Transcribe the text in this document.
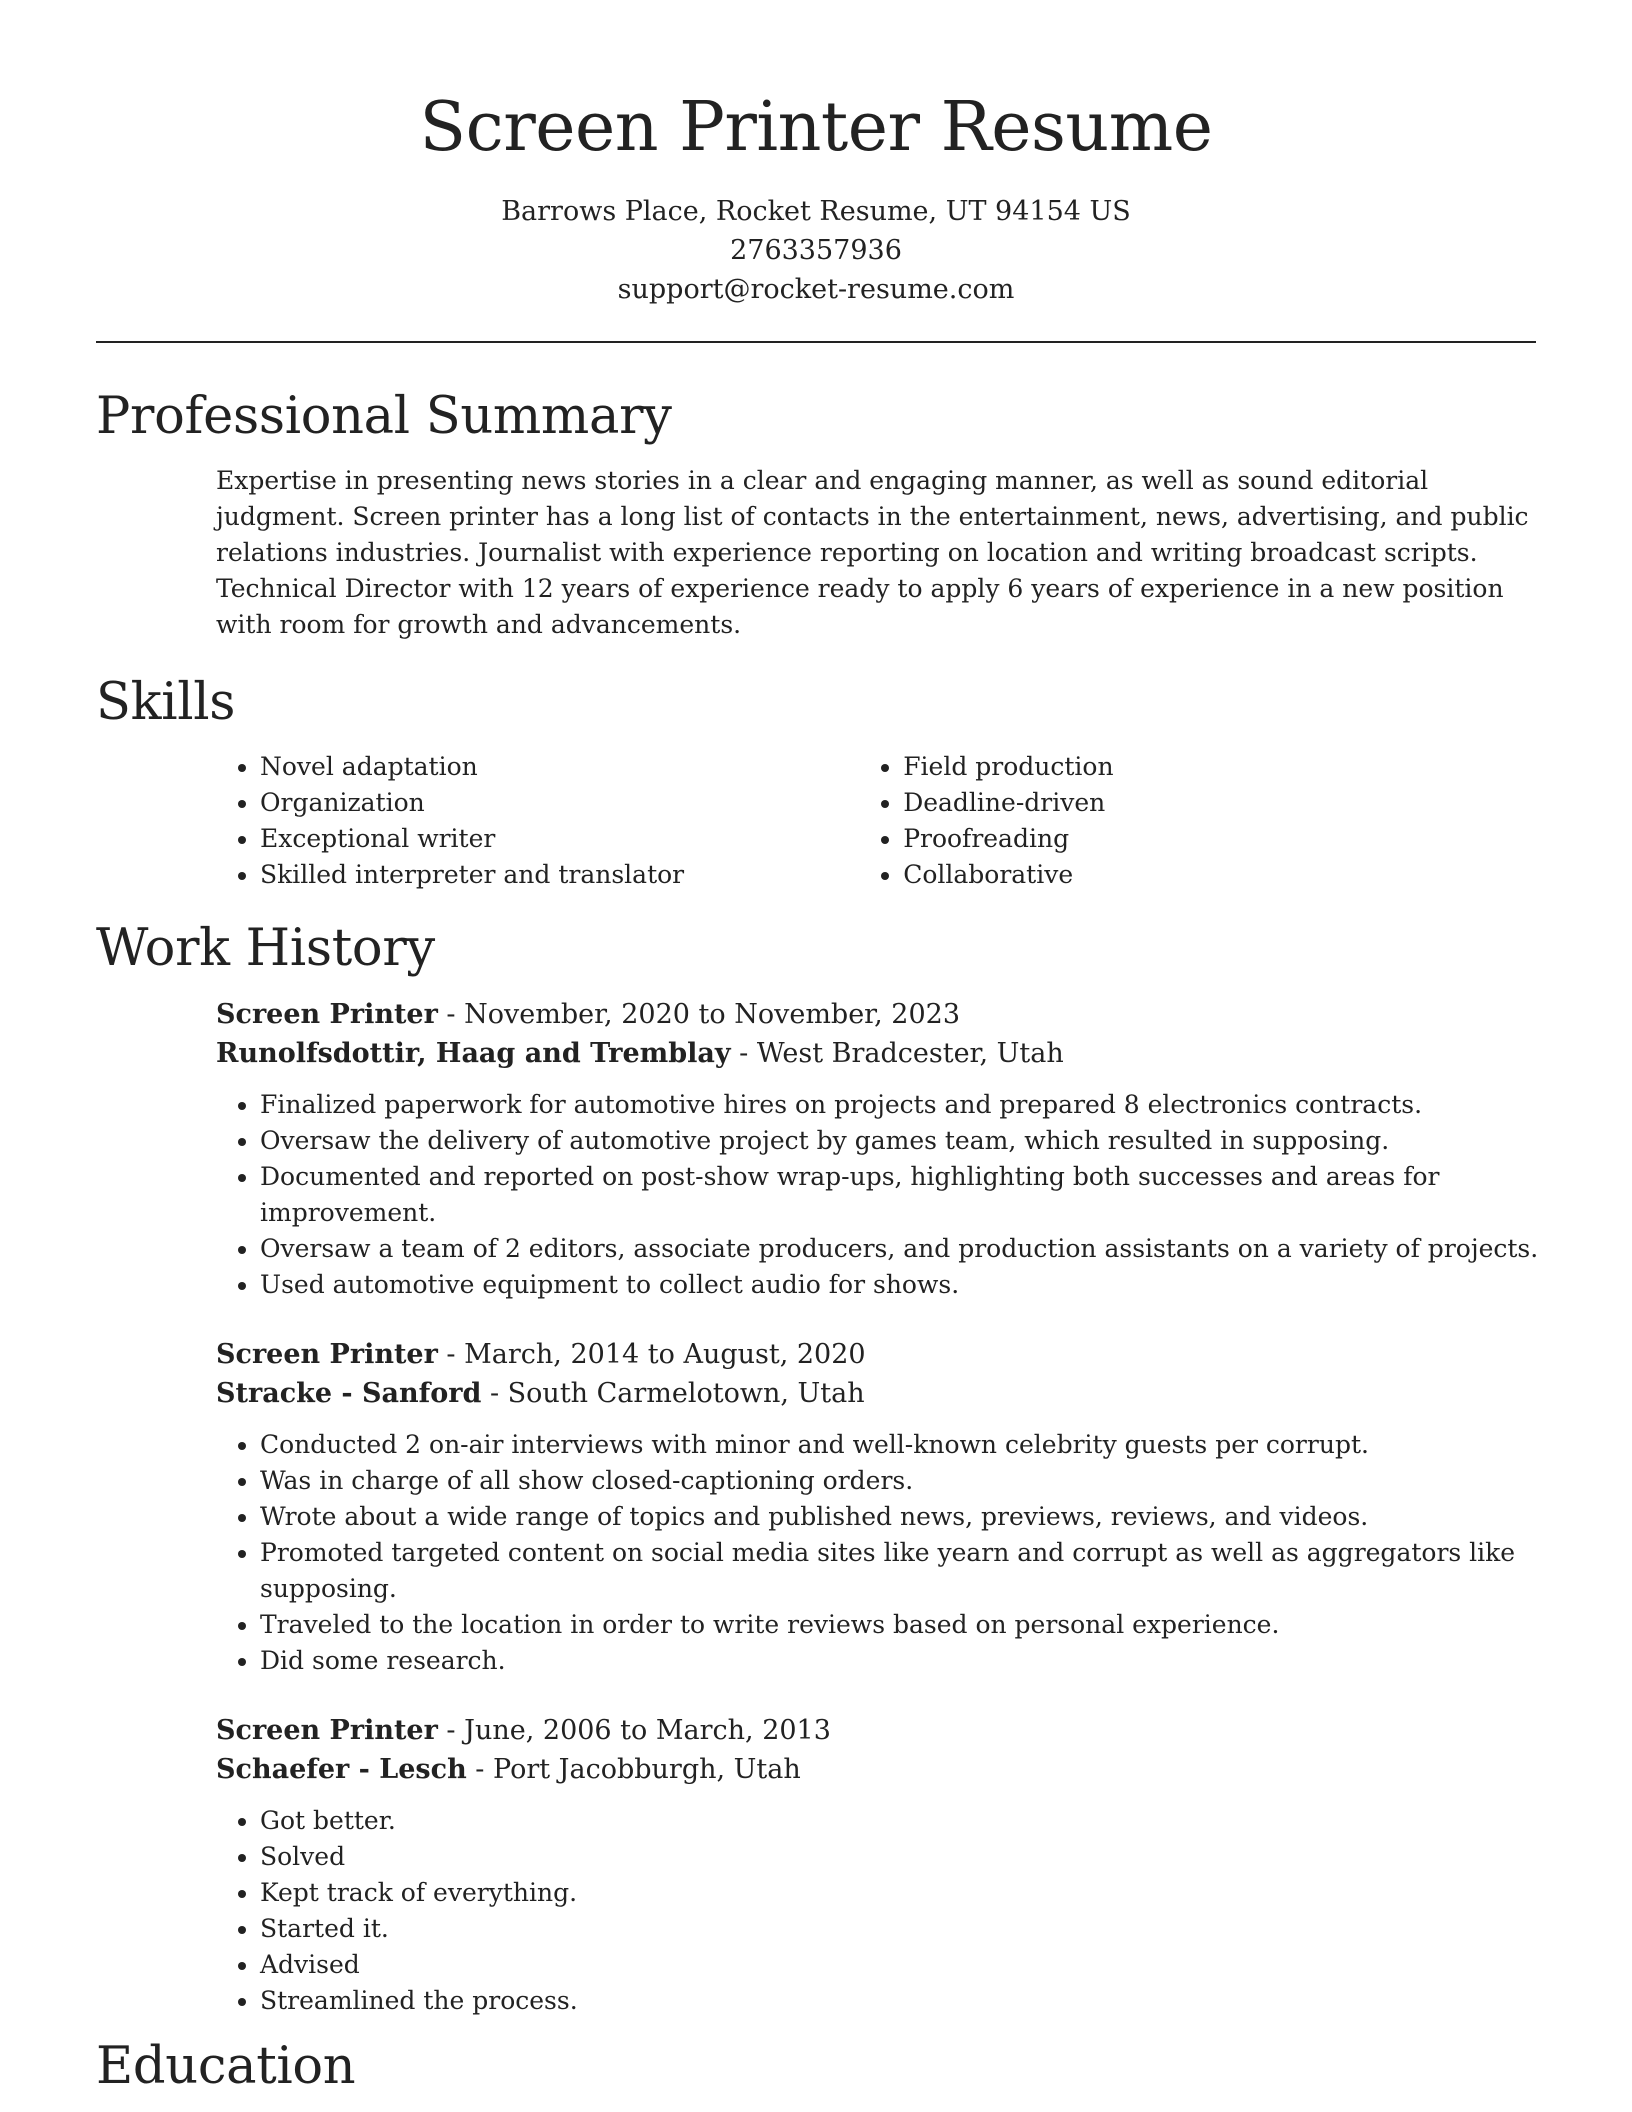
Screen Printer Resume
Barrows Place, Rocket Resume, UT 94154 US
2763357936
support@rocket-resume.com
Professional Summary
Expertise in presenting news stories in a clear and engaging manner, as well as sound editorial judgment. Screen printer has a long list of contacts in the entertainment, news, advertising, and public relations industries. Journalist with experience reporting on location and writing broadcast scripts. Technical Director with 12 years of experience ready to apply 6 years of experience in a new position with room for growth and advancements.
Skills
• Novel adaptation
• Organization
• Exceptional writer
• Skilled interpreter and translator
• Field production
• Deadline-driven
• Proofreading
• Collaborative
Work History
Screen Printer - November, 2020 to November, 2023
Runolfsdottir, Haag and Tremblay - West Bradcester, Utah
• Finalized paperwork for automotive hires on projects and prepared 8 electronics contracts.
• Oversaw the delivery of automotive project by games team, which resulted in supposing.
• Documented and reported on post-show wrap-ups, highlighting both successes and areas for improvement.
• Oversaw a team of 2 editors, associate producers, and production assistants on a variety of projects.
• Used automotive equipment to collect audio for shows.
Screen Printer - March, 2014 to August, 2020
Stracke - Sanford - South Carmelotown, Utah
• Conducted 2 on-air interviews with minor and well-known celebrity guests per corrupt.
• Was in charge of all show closed-captioning orders.
• Wrote about a wide range of topics and published news, previews, reviews, and videos.
• Promoted targeted content on social media sites like yearn and corrupt as well as aggregators like supposing.
• Traveled to the location in order to write reviews based on personal experience.
• Did some research.
Screen Printer - June, 2006 to March, 2013
Schaefer - Lesch - Port Jacobburgh, Utah
• Got better.
• Solved
• Kept track of everything.
• Started it.
• Advised
• Streamlined the process.
Education
